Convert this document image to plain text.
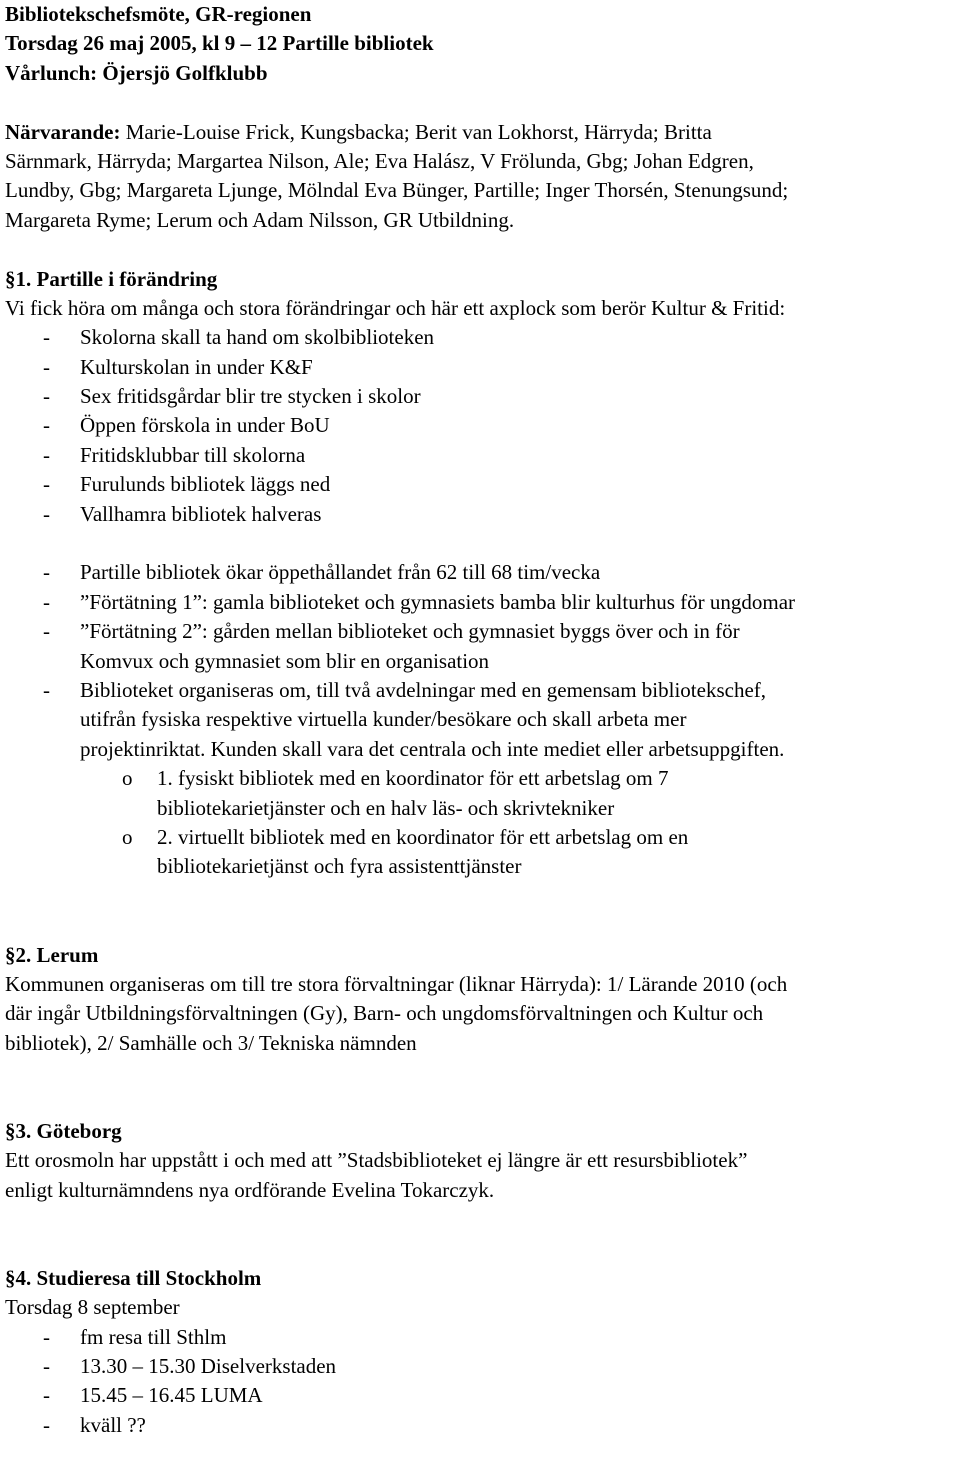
Bibliotekschefsmöte, GR-regionen
Torsdag 26 maj 2005, kl 9 – 12 Partille bibliotek
Vårlunch: Öjersjö Golfklubb
Närvarande: Marie-Louise Frick, Kungsbacka; Berit van Lokhorst, Härryda; Britta
Särnmark, Härryda; Margartea Nilson, Ale; Eva Halász, V Frölunda, Gbg; Johan Edgren,
Lundby, Gbg; Margareta Ljunge, Mölndal Eva Bünger, Partille; Inger Thorsén, Stenungsund;
Margareta Ryme; Lerum och Adam Nilsson, GR Utbildning.
§1. Partille i förändring
Vi fick höra om många och stora förändringar och här ett axplock som berör Kultur & Fritid:
- Skolorna skall ta hand om skolbiblioteken
- Kulturskolan in under K&F
- Sex fritidsgårdar blir tre stycken i skolor
- Öppen förskola in under BoU
- Fritidsklubbar till skolorna
- Furulunds bibliotek läggs ned
- Vallhamra bibliotek halveras
- Partille bibliotek ökar öppethållandet från 62 till 68 tim/vecka
- ”Förtätning 1”: gamla biblioteket och gymnasiets bamba blir kulturhus för ungdomar
- ”Förtätning 2”: gården mellan biblioteket och gymnasiet byggs över och in för
Komvux och gymnasiet som blir en organisation
- Biblioteket organiseras om, till två avdelningar med en gemensam bibliotekschef,
utifrån fysiska respektive virtuella kunder/besökare och skall arbeta mer
projektinriktat. Kunden skall vara det centrala och inte mediet eller arbetsuppgiften.
o 1. fysiskt bibliotek med en koordinator för ett arbetslag om 7
bibliotekarietjänster och en halv läs- och skrivtekniker
o 2. virtuellt bibliotek med en koordinator för ett arbetslag om en
bibliotekarietjänst och fyra assistenttjänster
§2. Lerum
Kommunen organiseras om till tre stora förvaltningar (liknar Härryda): 1/ Lärande 2010 (och
där ingår Utbildningsförvaltningen (Gy), Barn- och ungdomsförvaltningen och Kultur och
bibliotek), 2/ Samhälle och 3/ Tekniska nämnden
§3. Göteborg
Ett orosmoln har uppstått i och med att ”Stadsbiblioteket ej längre är ett resursbibliotek”
enligt kulturnämndens nya ordförande Evelina Tokarczyk.
§4. Studieresa till Stockholm
Torsdag 8 september
- fm resa till Sthlm
- 13.30 – 15.30 Diselverkstaden
- 15.45 – 16.45 LUMA
- kväll ??
